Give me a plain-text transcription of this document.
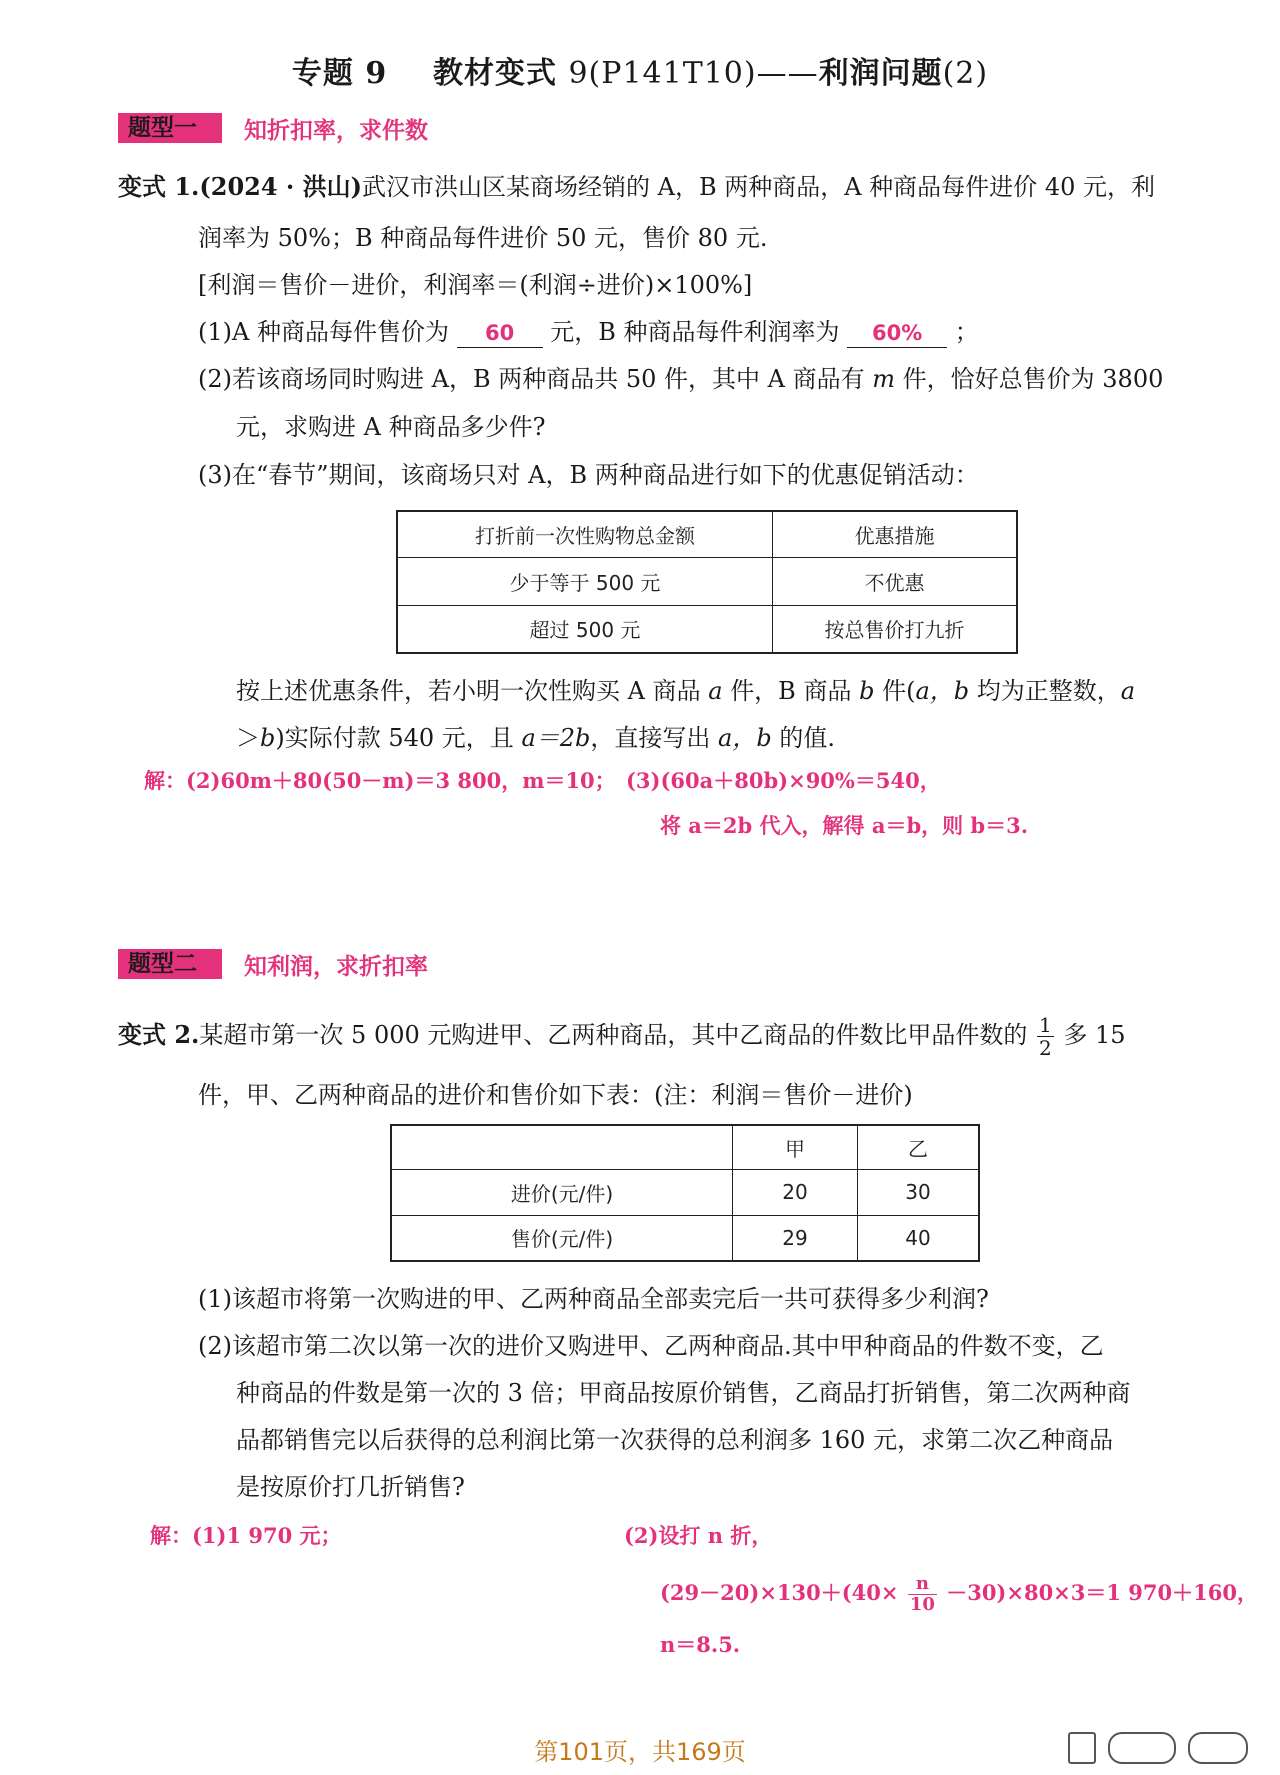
专题 9 教材变式 9(P141T10)——利润问题(2)
题型一	知折扣率，求件数
变式 1.(2024 · 洪山)武汉市洪山区某商场经销的 A，B 两种商品，A 种商品每件进价 40 元，利
润率为 50%；B 种商品每件进价 50 元，售价 80 元.
[利润＝售价－进价，利润率＝(利润÷进价)×100%]
(1)A 种商品每件售价为 60 元，B 种商品每件利润率为 60% ；
(2)若该商场同时购进 A，B 两种商品共 50 件，其中 A 商品有 m 件，恰好总售价为 3800
元，求购进 A 种商品多少件?
(3)在“春节”期间，该商场只对 A，B 两种商品进行如下的优惠促销活动：
打折前一次性购物总金额	优惠措施
少于等于 500 元	不优惠
超过 500 元	按总售价打九折
按上述优惠条件，若小明一次性购买 A 商品 a 件，B 商品 b 件(a，b 均为正整数，a
＞b)实际付款 540 元，且 a＝2b，直接写出 a，b 的值.
解：(2)60m＋80(50－m)＝3 800，m＝10； (3)(60a＋80b)×90%＝540，
将 a＝2b 代入，解得 a＝b，则 b＝3.
题型二	知利润，求折扣率
变式 2.某超市第一次 5 000 元购进甲、乙两种商品，其中乙商品的件数比甲品件数的 $\frac{1}{2}$ 多 15
件，甲、乙两种商品的进价和售价如下表：(注：利润＝售价－进价)
	甲	乙
进价(元/件)	20	30
售价(元/件)	29	40
(1)该超市将第一次购进的甲、乙两种商品全部卖完后一共可获得多少利润?
(2)该超市第二次以第一次的进价又购进甲、乙两种商品.其中甲种商品的件数不变，乙
种商品的件数是第一次的 3 倍；甲商品按原价销售，乙商品打折销售，第二次两种商
品都销售完以后获得的总利润比第一次获得的总利润多 160 元，求第二次乙种商品
是按原价打几折销售?
解：(1)1 970 元；	(2)设打 n 折，
$(29-20)\times 130+(40\times \frac{n}{10} -30)\times 80\times 3=1$ 970＋160，
n＝8.5.
第101页，共169页
